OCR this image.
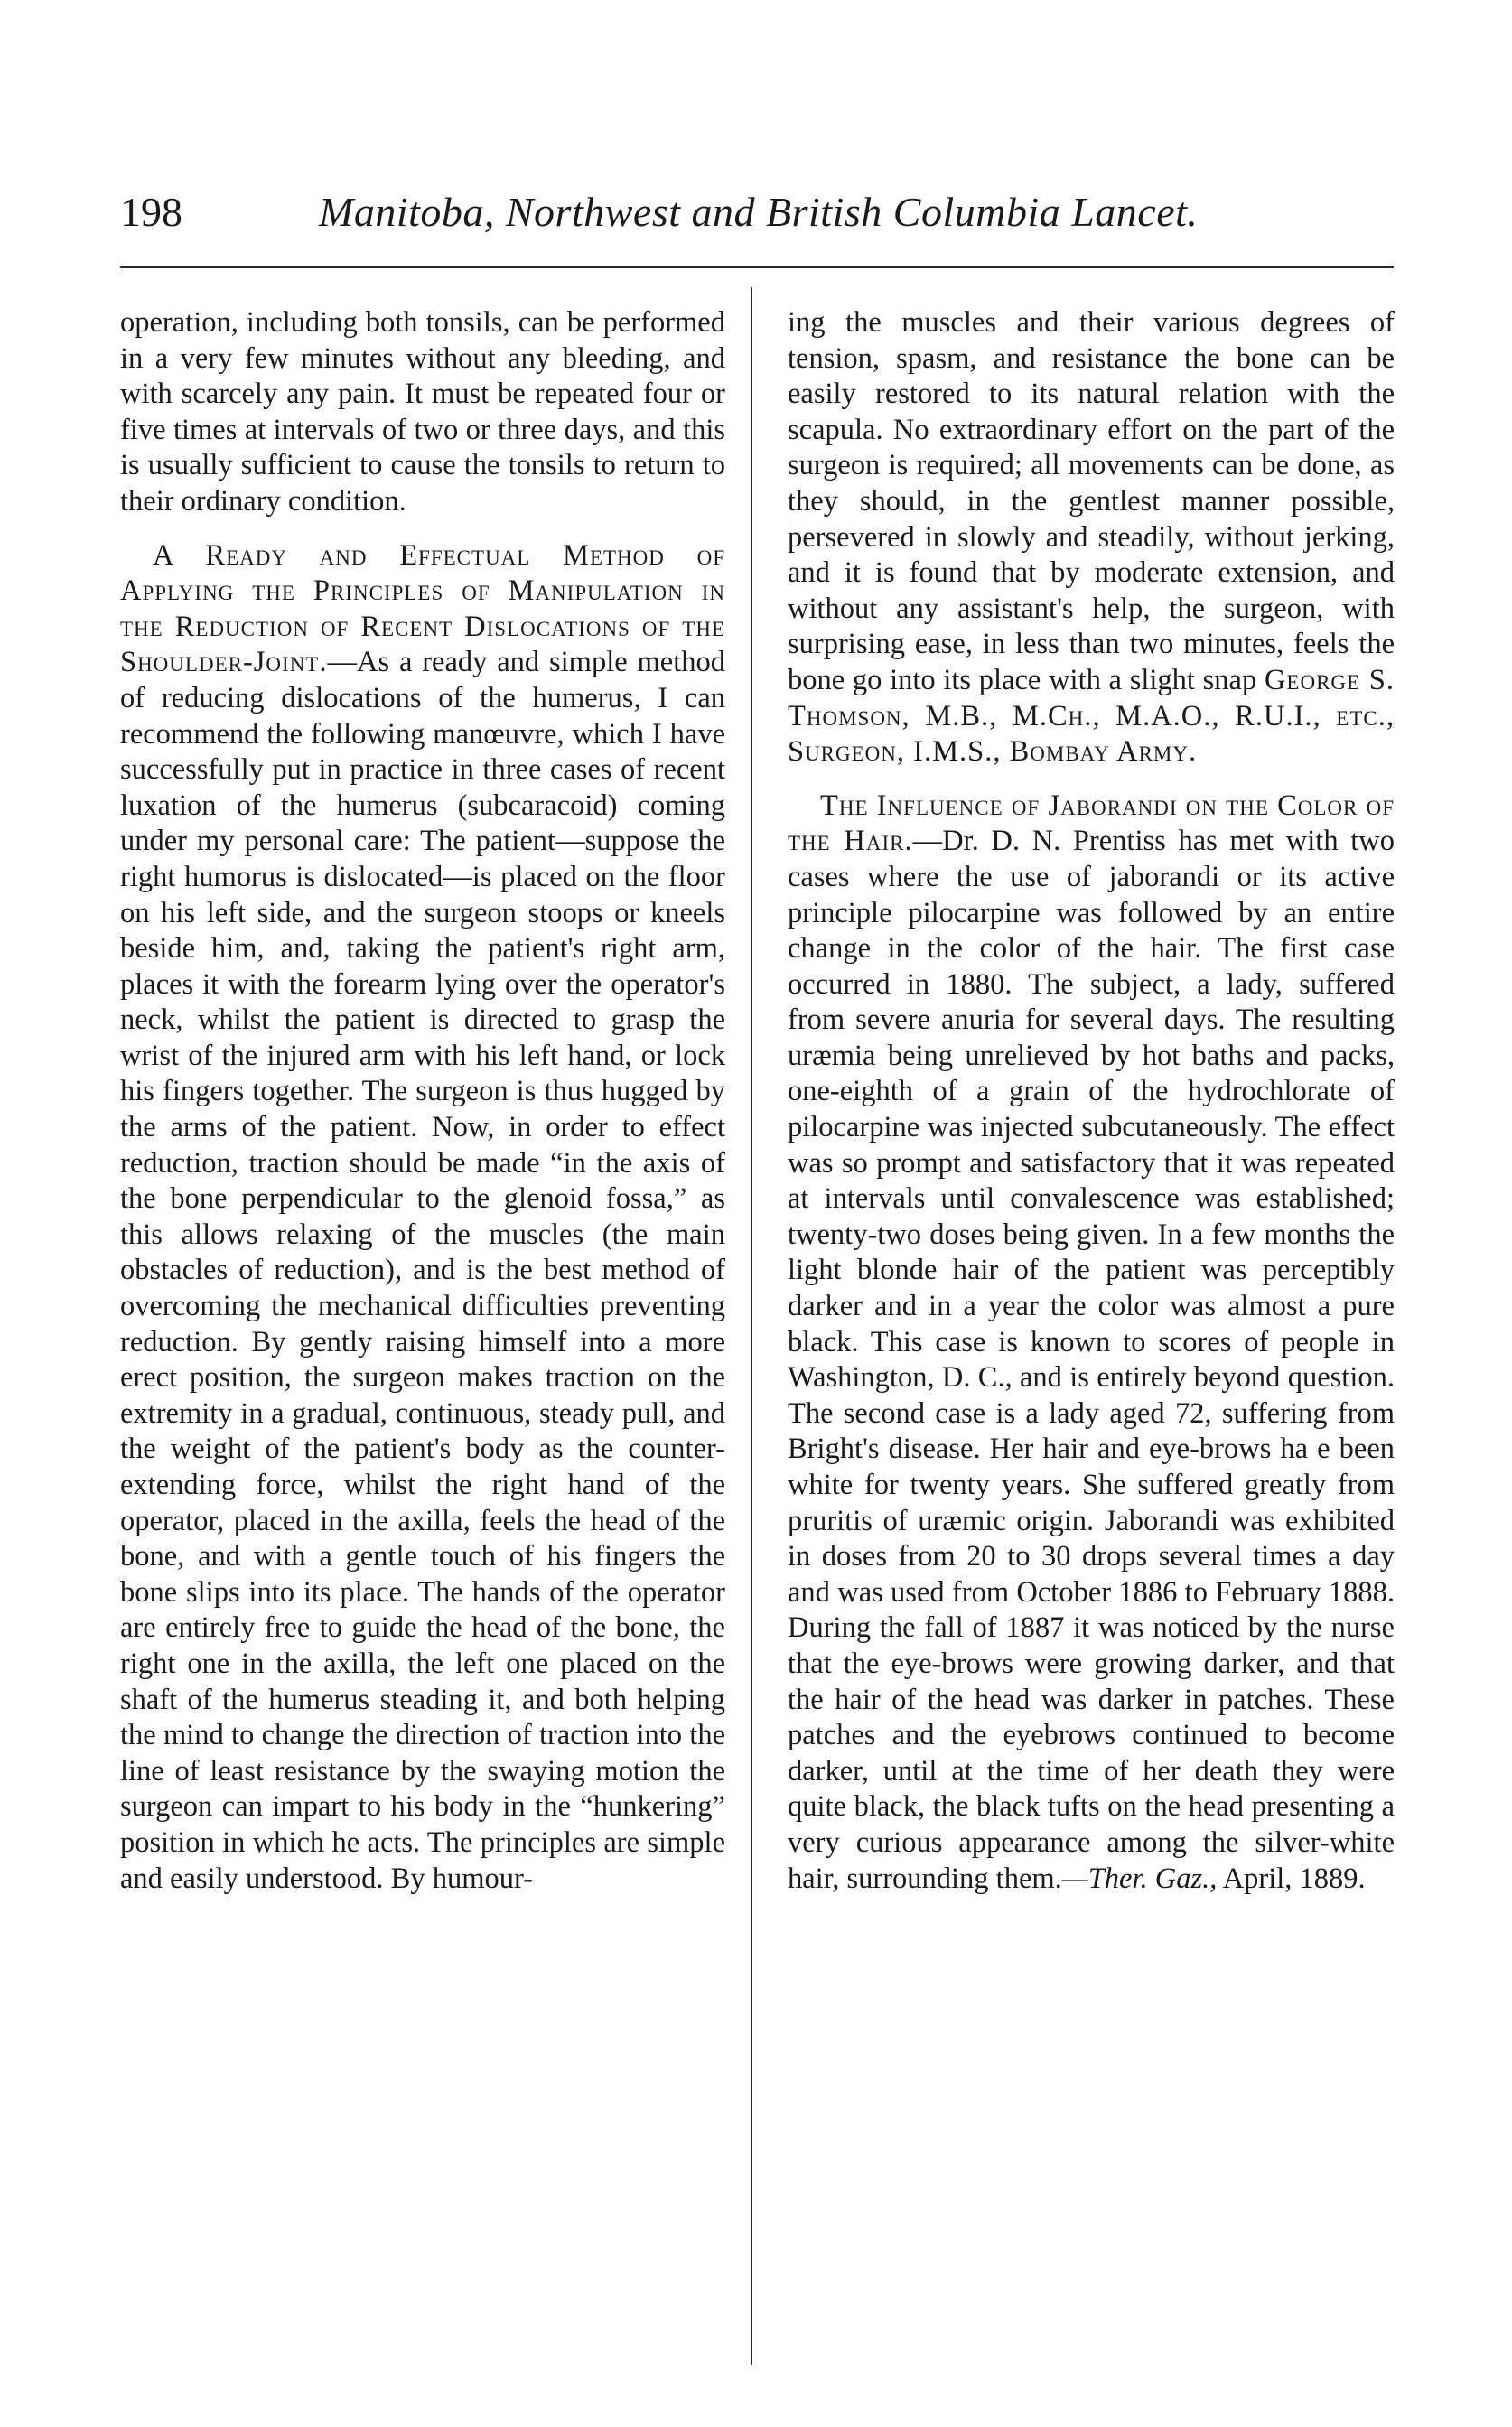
198	Manitoba, Northwest and British Columbia Lancet.

operation, including both tonsils, can be performed in a very few minutes without any bleeding, and with scarcely any pain. It must be repeated four or five times at intervals of two or three days, and this is usually sufficient to cause the tonsils to return to their ordinary condition.

A Ready and Effectual Method of Applying the Principles of Manipulation in the Reduction of Recent Dislocations of the Shoulder-Joint.—As a ready and simple method of reducing dislocations of the humerus, I can recommend the following manœuvre, which I have successfully put in practice in three cases of recent luxation of the humerus (subcaracoid) coming under my personal care: The patient—suppose the right humorus is dislocated—is placed on the floor on his left side, and the surgeon stoops or kneels beside him, and, taking the patient's right arm, places it with the forearm lying over the operator's neck, whilst the patient is directed to grasp the wrist of the injured arm with his left hand, or lock his fingers together. The surgeon is thus hugged by the arms of the patient. Now, in order to effect reduction, traction should be made “in the axis of the bone perpendicular to the glenoid fossa,” as this allows relaxing of the muscles (the main obstacles of reduction), and is the best method of overcoming the mechanical difficulties preventing reduction. By gently raising himself into a more erect position, the surgeon makes traction on the extremity in a gradual, continuous, steady pull, and the weight of the patient's body as the counter-extending force, whilst the right hand of the operator, placed in the axilla, feels the head of the bone, and with a gentle touch of his fingers the bone slips into its place. The hands of the operator are entirely free to guide the head of the bone, the right one in the axilla, the left one placed on the shaft of the humerus steading it, and both helping the mind to change the direction of traction into the line of least resistance by the swaying motion the surgeon can impart to his body in the “hunkering” position in which he acts. The principles are simple and easily understood. By humour-

ing the muscles and their various degrees of tension, spasm, and resistance the bone can be easily restored to its natural relation with the scapula. No extraordinary effort on the part of the surgeon is required; all movements can be done, as they should, in the gentlest manner possible, persevered in slowly and steadily, without jerking, and it is found that by moderate extension, and without any assistant's help, the surgeon, with surprising ease, in less than two minutes, feels the bone go into its place with a slight snap George S. Thomson, M.B., M.Ch., M.A.O., R.U.I., etc., Surgeon, I.M.S., Bombay Army.

The Influence of Jaborandi on the Color of the Hair.—Dr. D. N. Prentiss has met with two cases where the use of jaborandi or its active principle pilocarpine was followed by an entire change in the color of the hair. The first case occurred in 1880. The subject, a lady, suffered from severe anuria for several days. The resulting uræmia being unrelieved by hot baths and packs, one-eighth of a grain of the hydrochlorate of pilocarpine was injected subcutaneously. The effect was so prompt and satisfactory that it was repeated at intervals until convalescence was established; twenty-two doses being given. In a few months the light blonde hair of the patient was perceptibly darker and in a year the color was almost a pure black. This case is known to scores of people in Washington, D. C., and is entirely beyond question. The second case is a lady aged 72, suffering from Bright's disease. Her hair and eye-brows ha e been white for twenty years. She suffered greatly from pruritis of uræmic origin. Jaborandi was exhibited in doses from 20 to 30 drops several times a day and was used from October 1886 to February 1888. During the fall of 1887 it was noticed by the nurse that the eye-brows were growing darker, and that the hair of the head was darker in patches. These patches and the eyebrows continued to become darker, until at the time of her death they were quite black, the black tufts on the head presenting a very curious appearance among the silver-white hair, surrounding them.—Ther. Gaz., April, 1889.
